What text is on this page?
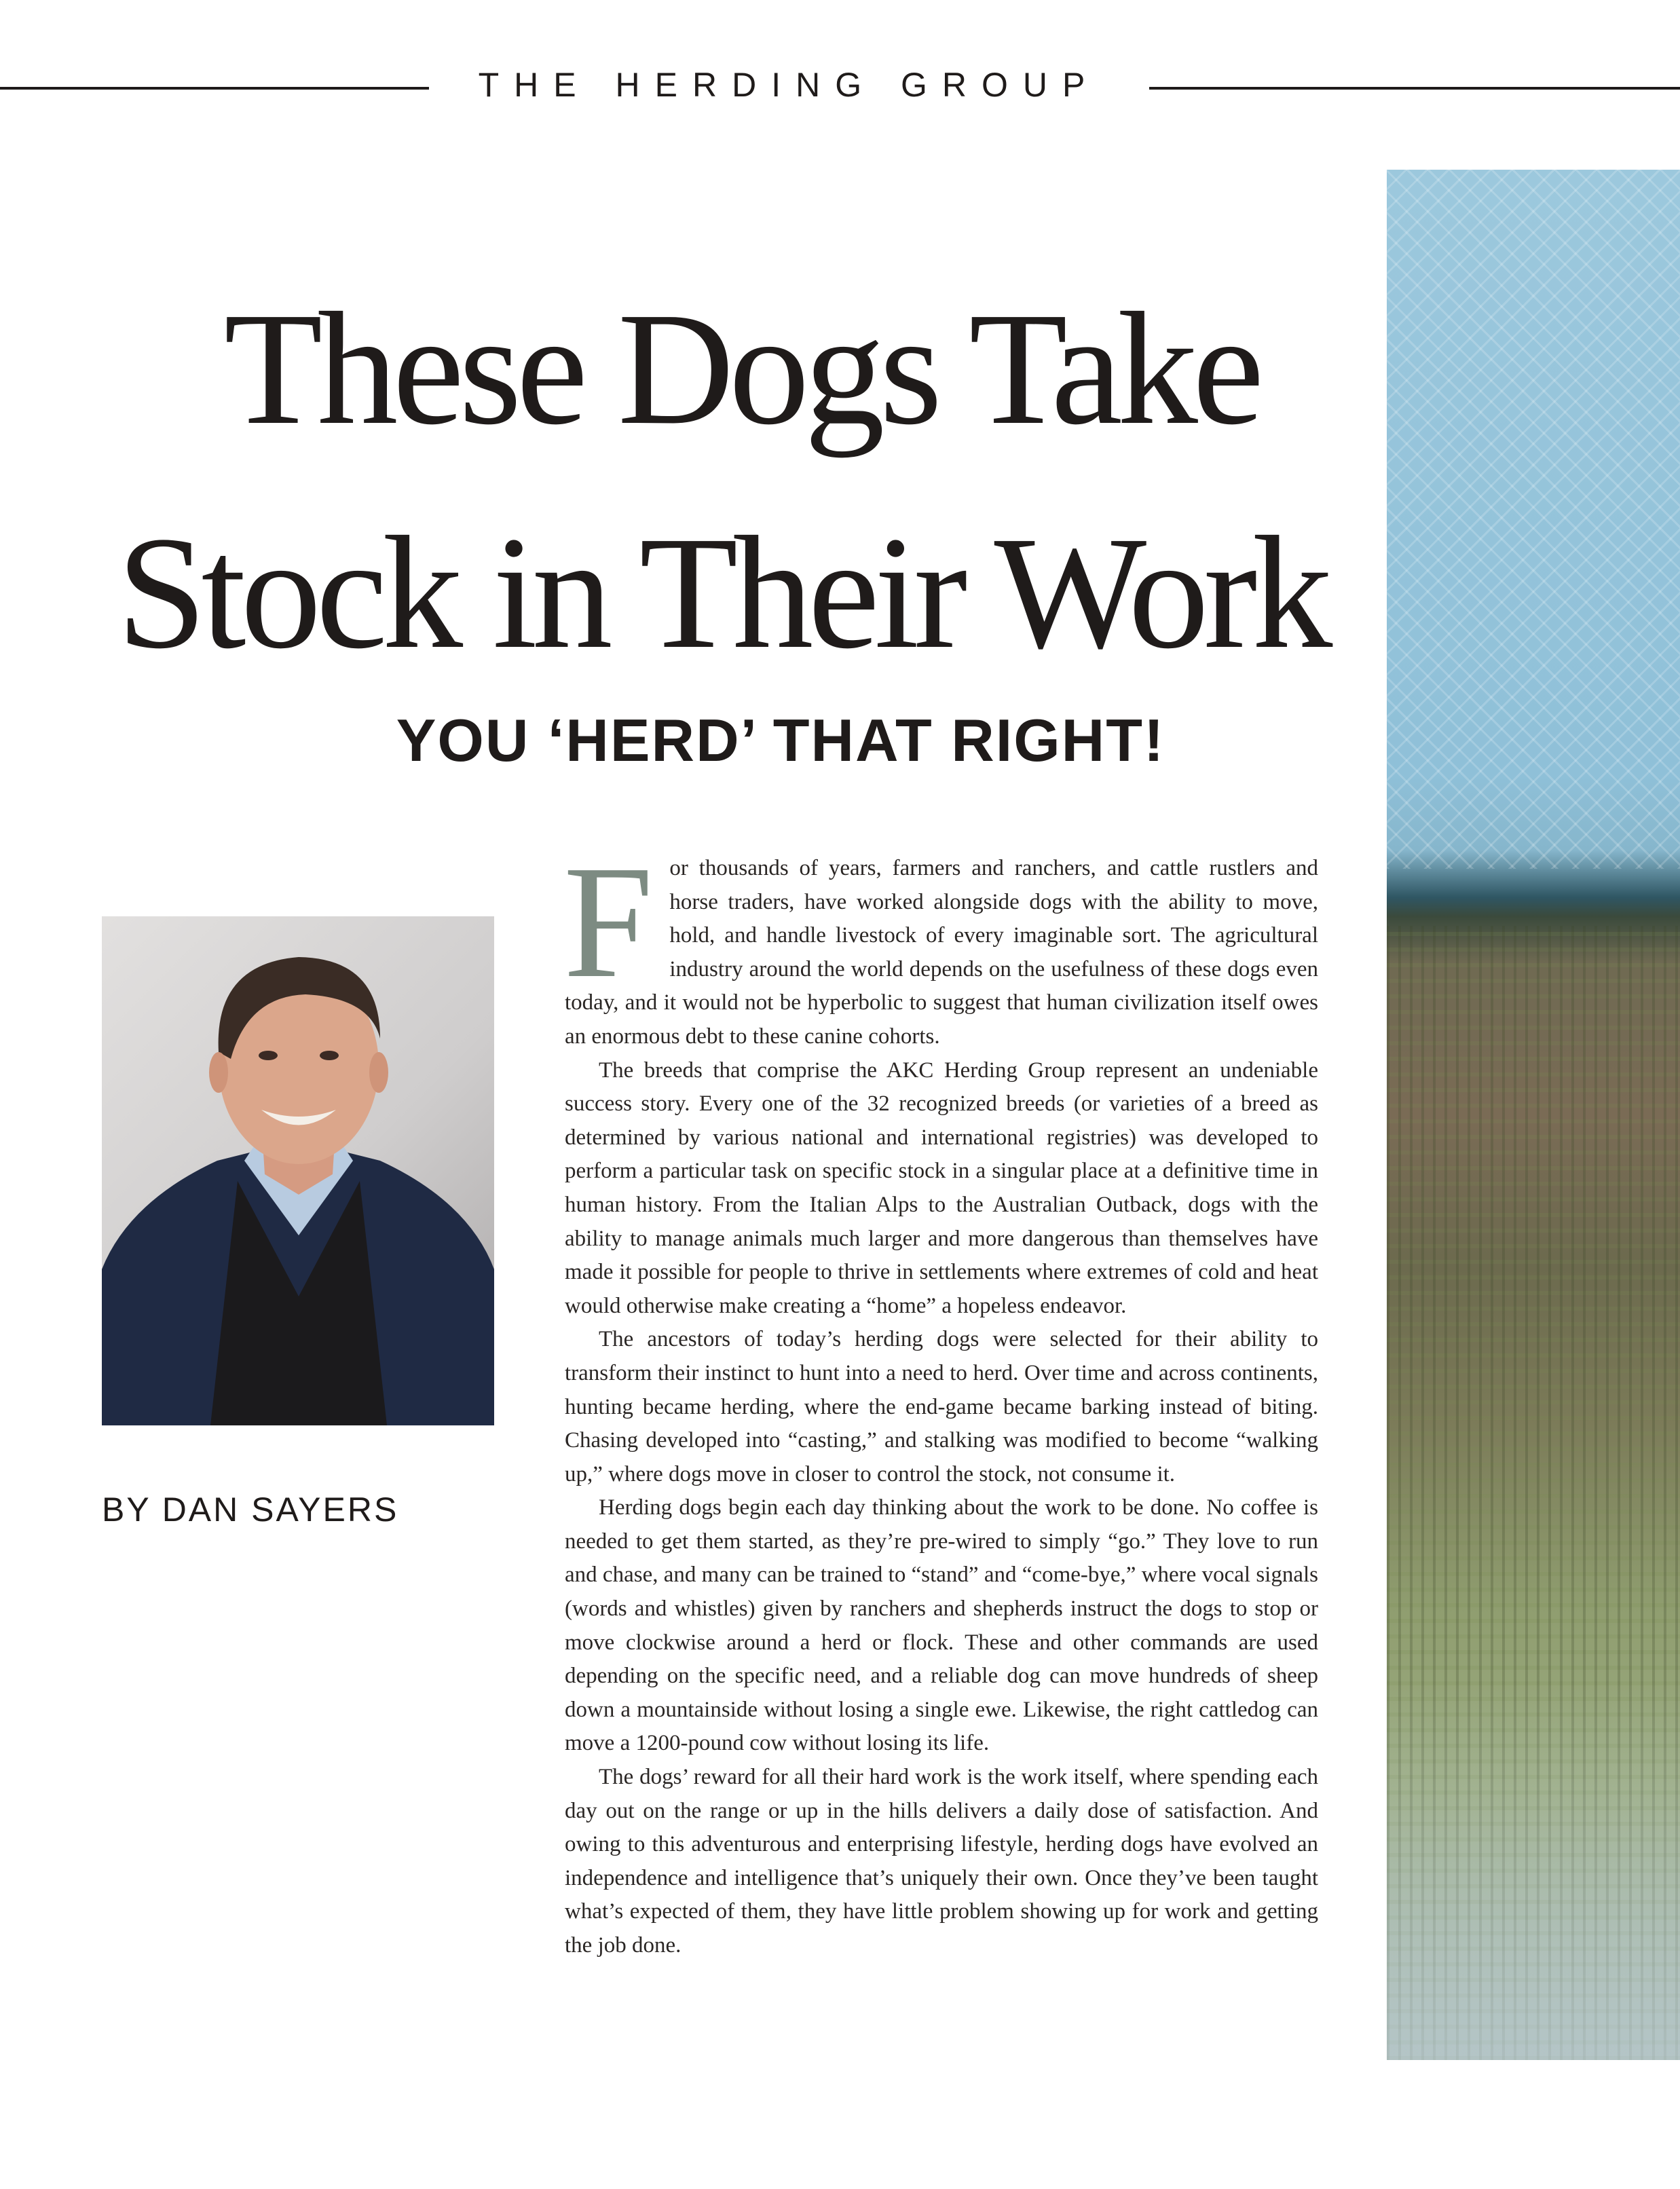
THE HERDING GROUP
These Dogs Take
Stock in Their Work
YOU ‘HERD’ THAT RIGHT!

BY DAN SAYERS

For thousands of years, farmers and ranchers, and cattle rustlers and horse traders, have worked alongside dogs with the ability to move, hold, and handle livestock of every imaginable sort. The agricultural industry around the world depends on the usefulness of these dogs even today, and it would not be hyperbolic to suggest that human civilization itself owes an enormous debt to these canine cohorts.

The breeds that comprise the AKC Herding Group represent an undeniable success story. Every one of the 32 recognized breeds (or varieties of a breed as determined by various national and international registries) was developed to perform a particular task on specific stock in a singular place at a definitive time in human history. From the Italian Alps to the Australian Outback, dogs with the ability to manage animals much larger and more dangerous than themselves have made it possible for people to thrive in settlements where extremes of cold and heat would otherwise make creating a “home” a hopeless endeavor.

The ancestors of today’s herding dogs were selected for their ability to transform their instinct to hunt into a need to herd. Over time and across continents, hunting became herding, where the end-game became barking instead of biting. Chasing developed into “casting,” and stalking was modified to become “walking up,” where dogs move in closer to control the stock, not consume it.

Herding dogs begin each day thinking about the work to be done. No coffee is needed to get them started, as they’re pre-wired to simply “go.” They love to run and chase, and many can be trained to “stand” and “come-bye,” where vocal signals (words and whistles) given by ranchers and shepherds instruct the dogs to stop or move clockwise around a herd or flock. These and other commands are used depending on the specific need, and a reliable dog can move hundreds of sheep down a mountainside without losing a single ewe. Likewise, the right cattledog can move a 1200-pound cow without losing its life.

The dogs’ reward for all their hard work is the work itself, where spending each day out on the range or up in the hills delivers a daily dose of satisfaction. And owing to this adventurous and enterprising lifestyle, herding dogs have evolved an independence and intelligence that’s uniquely their own. Once they’ve been taught what’s expected of them, they have little problem showing up for work and getting the job done.
